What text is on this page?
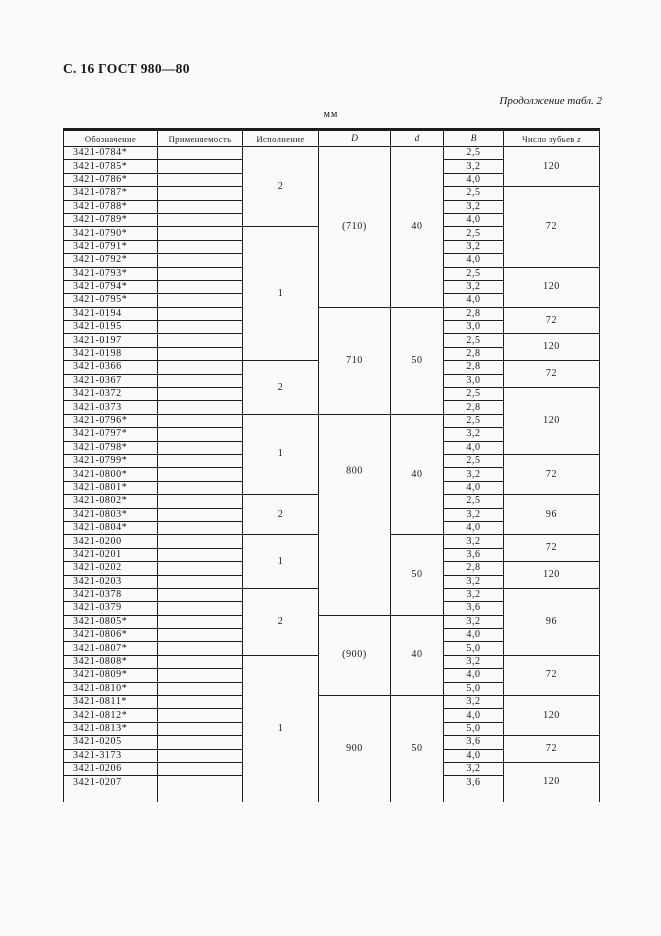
С. 16 ГОСТ 980—80
Продолжение табл. 2
мм
Обозначение	Применяемость	Исполнение	D	d	B	Число зубьев z
3421-0784*		2	(710)	40	2,5	120
3421-0785*					3,2	
3421-0786*					4,0	
3421-0787*					2,5	72
3421-0788*					3,2	
3421-0789*					4,0	
3421-0790*		1			2,5	
3421-0791*					3,2	
3421-0792*					4,0	
3421-0793*					2,5	120
3421-0794*					3,2	
3421-0795*					4,0	
3421-0194			710	50	2,8	72
3421-0195					3,0	
3421-0197					2,5	120
3421-0198					2,8	
3421-0366		2			2,8	72
3421-0367					3,0	
3421-0372					2,5	120
3421-0373					2,8	
3421-0796*		1	800	40	2,5	
3421-0797*					3,2	
3421-0798*					4,0	
3421-0799*					2,5	72
3421-0800*					3,2	
3421-0801*					4,0	
3421-0802*		2			2,5	96
3421-0803*					3,2	
3421-0804*					4,0	
3421-0200		1		50	3,2	72
3421-0201					3,6	
3421-0202					2,8	120
3421-0203					3,2	
3421-0378		2			3,2	96
3421-0379					3,6	
3421-0805*			(900)	40	3,2	
3421-0806*					4,0	
3421-0807*					5,0	
3421-0808*		1			3,2	72
3421-0809*					4,0	
3421-0810*					5,0	
3421-0811*			900	50	3,2	120
3421-0812*					4,0	
3421-0813*					5,0	
3421-0205					3,6	72
3421-3173					4,0	
3421-0206					3,2	120
3421-0207					3,6	
